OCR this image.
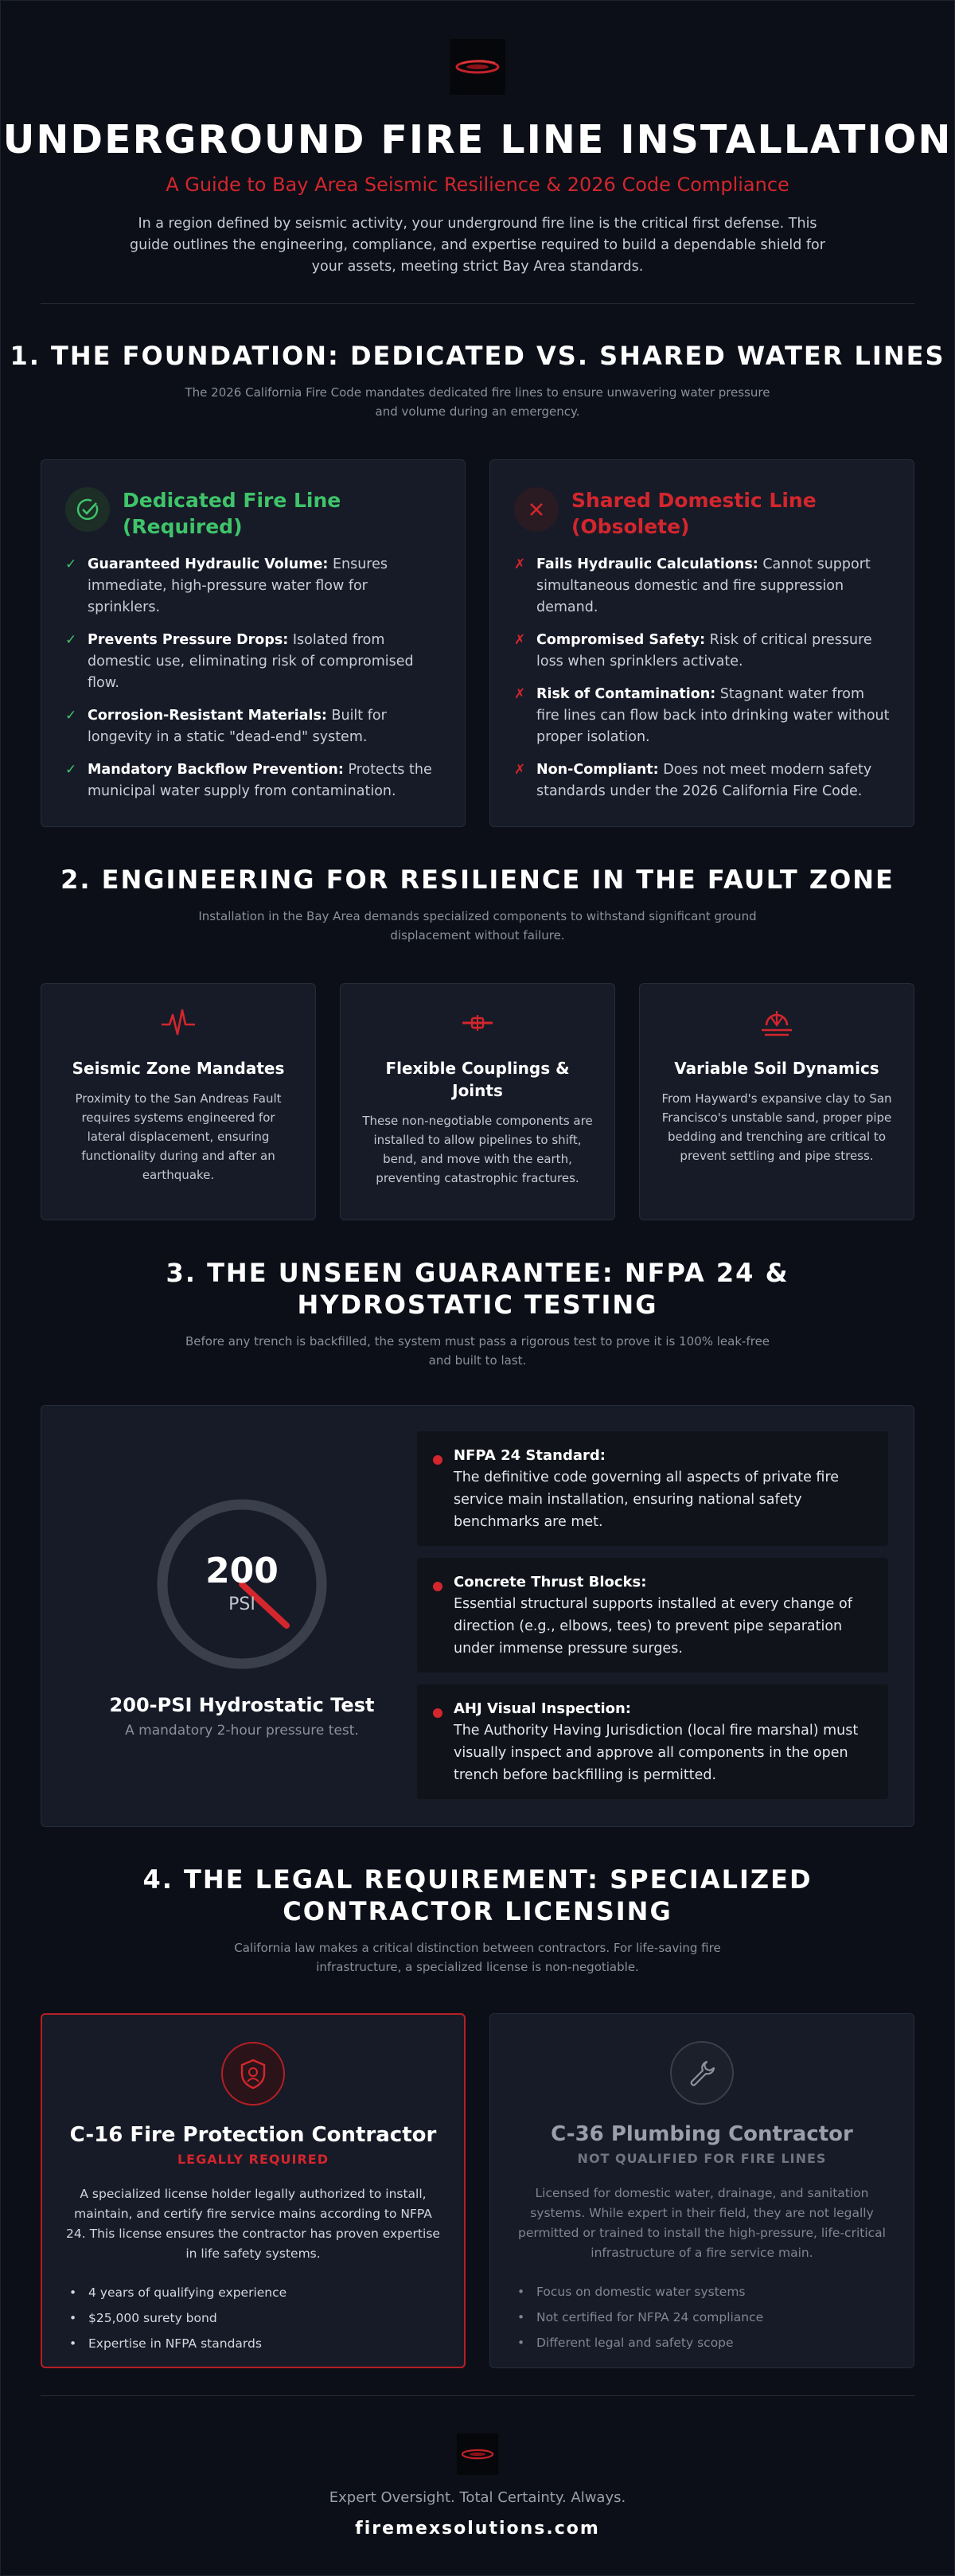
UNDERGROUND FIRE LINE INSTALLATION
A Guide to Bay Area Seismic Resilience & 2026 Code Compliance
In a region defined by seismic activity, your underground fire line is the critical first defense. This guide outlines the engineering, compliance, and expertise required to build a dependable shield for your assets, meeting strict Bay Area standards.
1. THE FOUNDATION: DEDICATED VS. SHARED WATER LINES
The 2026 California Fire Code mandates dedicated fire lines to ensure unwavering water pressure and volume during an emergency.
Dedicated Fire Line (Required)
✓ Guaranteed Hydraulic Volume: Ensures immediate, high-pressure water flow for sprinklers.
✓ Prevents Pressure Drops: Isolated from domestic use, eliminating risk of compromised flow.
✓ Corrosion-Resistant Materials: Built for longevity in a static "dead-end" system.
✓ Mandatory Backflow Prevention: Protects the municipal water supply from contamination.
Shared Domestic Line (Obsolete)
✗ Fails Hydraulic Calculations: Cannot support simultaneous domestic and fire suppression demand.
✗ Compromised Safety: Risk of critical pressure loss when sprinklers activate.
✗ Risk of Contamination: Stagnant water from fire lines can flow back into drinking water without proper isolation.
✗ Non-Compliant: Does not meet modern safety standards under the 2026 California Fire Code.
2. ENGINEERING FOR RESILIENCE IN THE FAULT ZONE
Installation in the Bay Area demands specialized components to withstand significant ground displacement without failure.
Seismic Zone Mandates

Proximity to the San Andreas Fault requires systems engineered for lateral displacement, ensuring functionality during and after an earthquake.

Flexible Couplings & Joints

These non-negotiable components are installed to allow pipelines to shift, bend, and move with the earth, preventing catastrophic fractures.

Variable Soil Dynamics

From Hayward's expansive clay to San Francisco's unstable sand, proper pipe bedding and trenching are critical to prevent settling and pipe stress.

3. THE UNSEEN GUARANTEE: NFPA 24 & HYDROSTATIC TESTING
Before any trench is backfilled, the system must pass a rigorous test to prove it is 100% leak-free and built to last.
200
PSI
200-PSI Hydrostatic Test
A mandatory 2-hour pressure test.
NFPA 24 Standard:

The definitive code governing all aspects of private fire service main installation, ensuring national safety benchmarks are met.

Concrete Thrust Blocks:

Essential structural supports installed at every change of direction (e.g., elbows, tees) to prevent pipe separation under immense pressure surges.

AHJ Visual Inspection:

The Authority Having Jurisdiction (local fire marshal) must visually inspect and approve all components in the open trench before backfilling is permitted.

4. THE LEGAL REQUIREMENT: SPECIALIZED CONTRACTOR LICENSING
California law makes a critical distinction between contractors. For life-saving fire infrastructure, a specialized license is non-negotiable.
C-16 Fire Protection Contractor
LEGALLY REQUIRED

A specialized license holder legally authorized to install, maintain, and certify fire service mains according to NFPA 24. This license ensures the contractor has proven expertise in life safety systems.

• 4 years of qualifying experience
• $25,000 surety bond
• Expertise in NFPA standards
C-36 Plumbing Contractor
NOT QUALIFIED FOR FIRE LINES

Licensed for domestic water, drainage, and sanitation systems. While expert in their field, they are not legally permitted or trained to install the high-pressure, life-critical infrastructure of a fire service main.

• Focus on domestic water systems
• Not certified for NFPA 24 compliance
• Different legal and safety scope
Expert Oversight. Total Certainty. Always.
firemexsolutions.com
